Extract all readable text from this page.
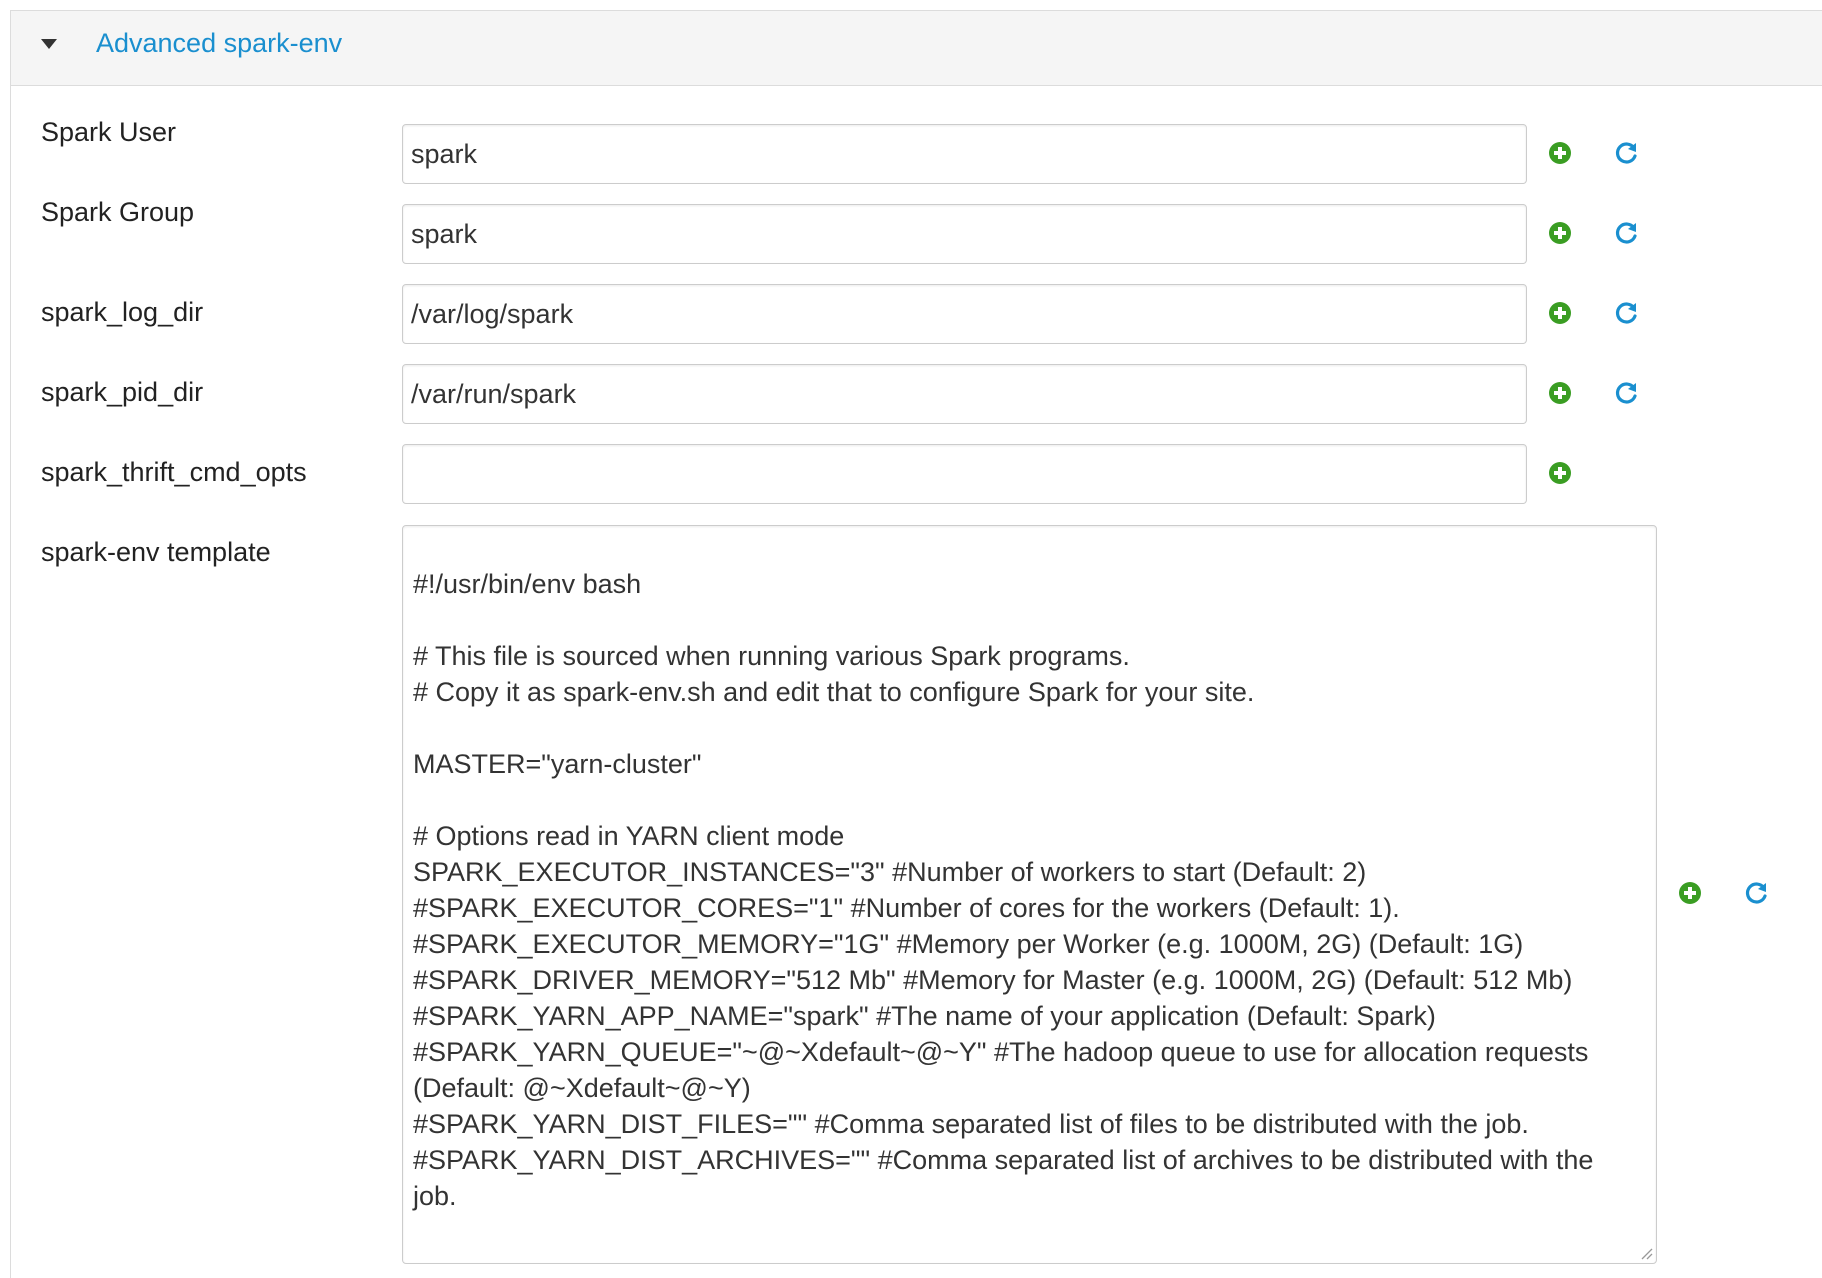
Advanced spark-env
Spark User
spark
Spark Group
spark
spark_log_dir
/var/log/spark
spark_pid_dir
/var/run/spark
spark_thrift_cmd_opts
spark-env template
#!/usr/bin/env bash
# This file is sourced when running various Spark programs.
# Copy it as spark-env.sh and edit that to configure Spark for your site.
MASTER="yarn-cluster"
# Options read in YARN client mode
SPARK_EXECUTOR_INSTANCES="3" #Number of workers to start (Default: 2)
#SPARK_EXECUTOR_CORES="1" #Number of cores for the workers (Default: 1).
#SPARK_EXECUTOR_MEMORY="1G" #Memory per Worker (e.g. 1000M, 2G) (Default: 1G)
#SPARK_DRIVER_MEMORY="512 Mb" #Memory for Master (e.g. 1000M, 2G) (Default: 512 Mb)
#SPARK_YARN_APP_NAME="spark" #The name of your application (Default: Spark)
#SPARK_YARN_QUEUE="~@~Xdefault~@~Y" #The hadoop queue to use for allocation requests (Default: @~Xdefault~@~Y)
#SPARK_YARN_DIST_FILES="" #Comma separated list of files to be distributed with the job.
#SPARK_YARN_DIST_ARCHIVES="" #Comma separated list of archives to be distributed with the job.
